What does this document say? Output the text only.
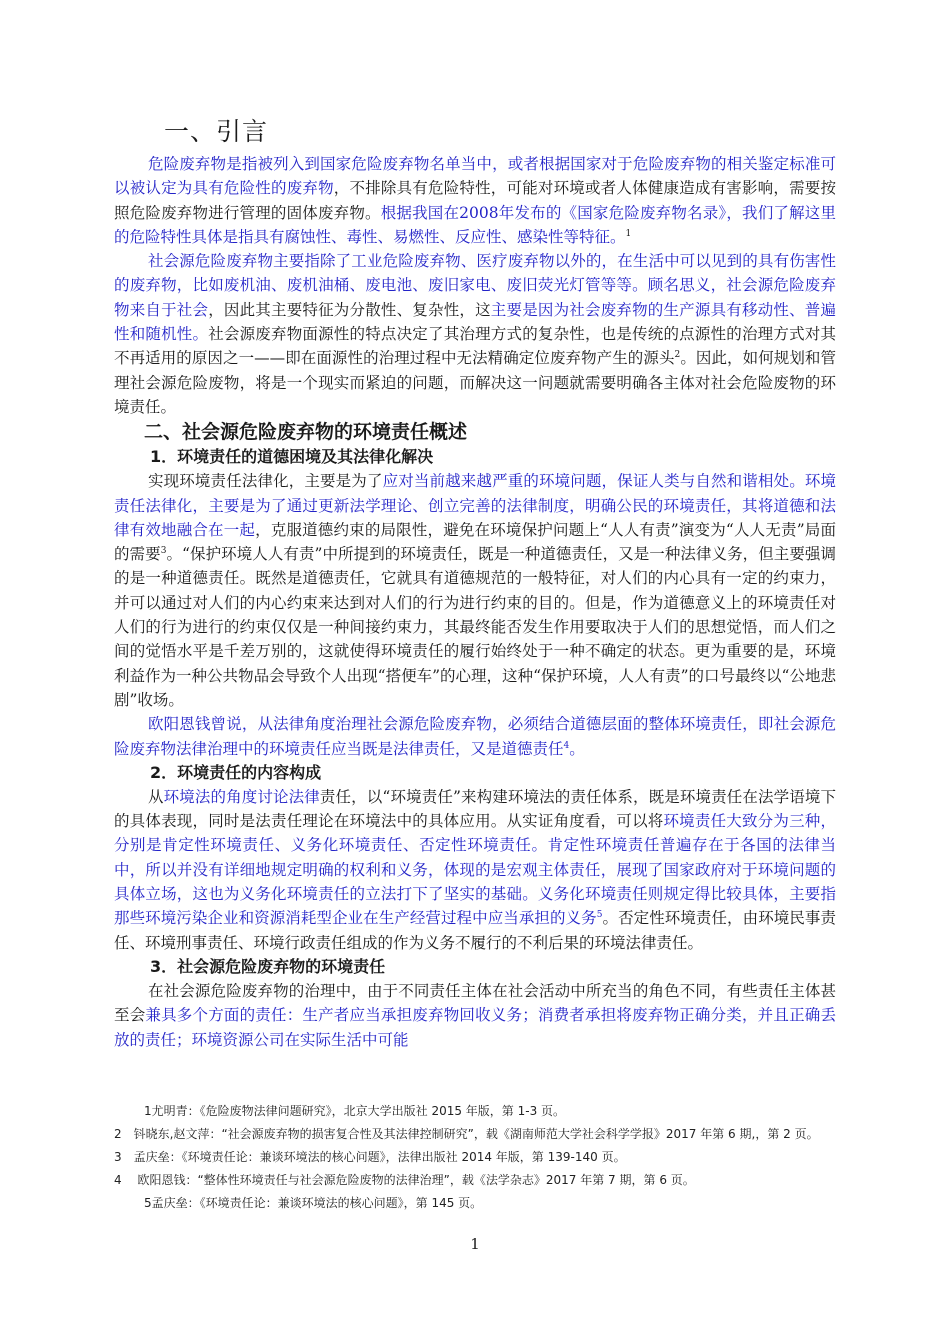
一、引言

危险废弃物是指被列入到国家危险废弃物名单当中，或者根据国家对于危险废弃物的相关鉴定标准可以被认定为具有危险性的废弃物，不排除具有危险特性，可能对环境或者人体健康造成有害影响，需要按照危险废弃物进行管理的固体废弃物。根据我国在2008年发布的《国家危险废弃物名录》，我们了解这里的危险特性具体是指具有腐蚀性、毒性、易燃性、反应性、感染性等特征。$^1$

社会源危险废弃物主要指除了工业危险废弃物、医疗废弃物以外的，在生活中可以见到的具有伤害性的废弃物，比如废机油、废机油桶、废电池、废旧家电、废旧荧光灯管等等。顾名思义，社会源危险废弃物来自于社会，因此其主要特征为分散性、复杂性，这主要是因为社会废弃物的生产源具有移动性、普遍性和随机性。社会源废弃物面源性的特点决定了其治理方式的复杂性，也是传统的点源性的治理方式对其不再适用的原因之一——即在面源性的治理过程中无法精确定位废弃物产生的源头$^2$。因此，如何规划和管理社会源危险废物，将是一个现实而紧迫的问题，而解决这一问题就需要明确各主体对社会危险废物的环境责任。

二、社会源危险废弃物的环境责任概述
1．环境责任的道德困境及其法律化解决

实现环境责任法律化，主要是为了应对当前越来越严重的环境问题，保证人类与自然和谐相处。环境责任法律化，主要是为了通过更新法学理论、创立完善的法律制度，明确公民的环境责任，其将道德和法律有效地融合在一起，克服道德约束的局限性，避免在环境保护问题上“人人有责”演变为“人人无责”局面的需要$^3$。“保护环境人人有责”中所提到的环境责任，既是一种道德责任，又是一种法律义务，但主要强调的是一种道德责任。既然是道德责任，它就具有道德规范的一般特征，对人们的内心具有一定的约束力，并可以通过对人们的内心约束来达到对人们的行为进行约束的目的。但是，作为道德意义上的环境责任对人们的行为进行的约束仅仅是一种间接约束力，其最终能否发生作用要取决于人们的思想觉悟，而人们之间的觉悟水平是千差万别的，这就使得环境责任的履行始终处于一种不确定的状态。更为重要的是，环境利益作为一种公共物品会导致个人出现“搭便车”的心理，这种“保护环境，人人有责”的口号最终以“公地悲剧”收场。

欧阳恩钱曾说，从法律角度治理社会源危险废弃物，必须结合道德层面的整体环境责任，即社会源危险废弃物法律治理中的环境责任应当既是法律责任，又是道德责任$^4$。

2．环境责任的内容构成

从环境法的角度讨论法律责任，以“环境责任”来构建环境法的责任体系，既是环境责任在法学语境下的具体表现，同时是法责任理论在环境法中的具体应用。从实证角度看，可以将环境责任大致分为三种，分别是肯定性环境责任、义务化环境责任、否定性环境责任。肯定性环境责任普遍存在于各国的法律当中，所以并没有详细地规定明确的权利和义务，体现的是宏观主体责任，展现了国家政府对于环境问题的具体立场，这也为义务化环境责任的立法打下了坚实的基础。义务化环境责任则规定得比较具体，主要指那些环境污染企业和资源消耗型企业在生产经营过程中应当承担的义务$^5$。否定性环境责任，由环境民事责任、环境刑事责任、环境行政责任组成的作为义务不履行的不利后果的环境法律责任。

3．社会源危险废弃物的环境责任

在社会源危险废弃物的治理中，由于不同责任主体在社会活动中所充当的角色不同，有些责任主体甚至会兼具多个方面的责任：生产者应当承担废弃物回收义务；消费者承担将废弃物正确分类，并且正确丢放的责任；环境资源公司在实际生活中可能

1尤明青：《危险废物法律问题研究》，北京大学出版社 2015 年版，第 1-3 页。

2　钭晓东,赵文萍：“社会源废弃物的损害复合性及其法律控制研究”，载《湖南师范大学社会科学学报》2017 年第 6 期,，第 2 页。

3　孟庆垒：《环境责任论：兼谈环境法的核心问题》，法律出版社 2014 年版，第 139-140 页。

4　 欧阳恩钱：“整体性环境责任与社会源危险废物的法律治理”，载《法学杂志》2017 年第 7 期，第 6 页。

5孟庆垒：《环境责任论：兼谈环境法的核心问题》，第 145 页。

1
